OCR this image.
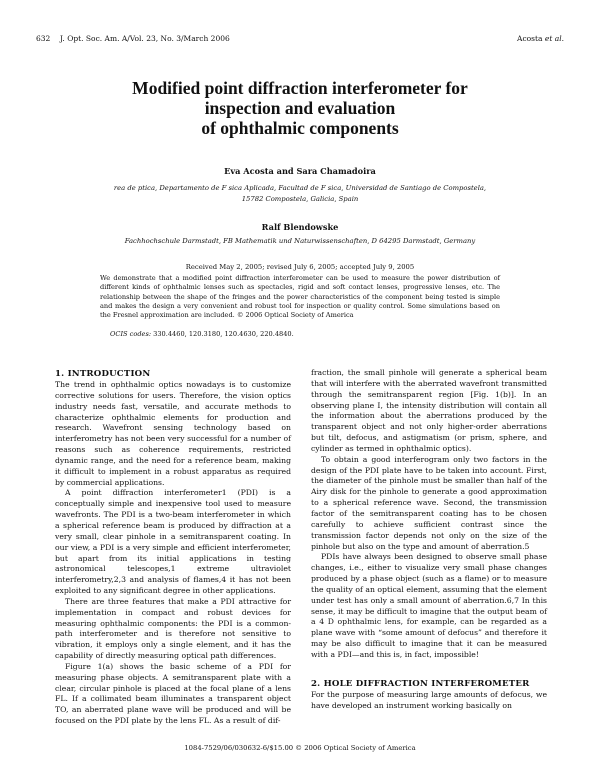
632 J. Opt. Soc. Am. A/Vol. 23, No. 3/March 2006	Acosta et al.
Modified point diffraction interferometer for
inspection and evaluation
of ophthalmic components
Eva Acosta and Sara Chamadoira
rea de ptica, Departamento de F sica Aplicada, Facultad de F sica, Universidad de Santiago de Compostela,
15782 Compostela, Galicia, Spain
Ralf Blendowske
Fachhochschule Darmstadt, FB Mathematik und Naturwissenschaften, D 64295 Darmstadt, Germany
Received May 2, 2005; revised July 6, 2005; accepted July 9, 2005
We demonstrate that a modified point diffraction interferometer can be used to measure the power distribution of different kinds of ophthalmic lenses such as spectacles, rigid and soft contact lenses, progressive lenses, etc. The relationship between the shape of the fringes and the power characteristics of the component being tested is simple and makes the design a very convenient and robust tool for inspection or quality control. Some simulations based on the Fresnel approximation are included. © 2006 Optical Society of America
OCIS codes: 330.4460, 120.3180, 120.4630, 220.4840.
1. INTRODUCTION

The trend in ophthalmic optics nowadays is to customize corrective solutions for users. Therefore, the vision optics industry needs fast, versatile, and accurate methods to characterize ophthalmic elements for production and research. Wavefront sensing technology based on interferometry has not been very successful for a number of reasons such as coherence requirements, restricted dynamic range, and the need for a reference beam, making it difficult to implement in a robust apparatus as required by commercial applications.

A point diffraction interferometer1 (PDI) is a conceptually simple and inexpensive tool used to measure wavefronts. The PDI is a two-beam interferometer in which a spherical reference beam is produced by diffraction at a very small, clear pinhole in a semitransparent coating. In our view, a PDI is a very simple and efficient interferometer, but apart from its initial applications in testing astronomical telescopes,1 extreme ultraviolet interferometry,2,3 and analysis of flames,4 it has not been exploited to any significant degree in other applications.

There are three features that make a PDI attractive for implementation in compact and robust devices for measuring ophthalmic components: the PDI is a common-path interferometer and is therefore not sensitive to vibration, it employs only a single element, and it has the capability of directly measuring optical path differences.

Figure 1(a) shows the basic scheme of a PDI for measuring phase objects. A semitransparent plate with a clear, circular pinhole is placed at the focal plane of a lens FL. If a collimated beam illuminates a transparent object TO, an aberrated plane wave will be produced and will be focused on the PDI plate by the lens FL. As a result of dif-

fraction, the small pinhole will generate a spherical beam that will interfere with the aberrated wavefront transmitted through the semitransparent region [Fig. 1(b)]. In an observing plane I, the intensity distribution will contain all the information about the aberrations produced by the transparent object and not only higher-order aberrations but tilt, defocus, and astigmatism (or prism, sphere, and cylinder as termed in ophthalmic optics).

To obtain a good interferogram only two factors in the design of the PDI plate have to be taken into account. First, the diameter of the pinhole must be smaller than half of the Airy disk for the pinhole to generate a good approximation to a spherical reference wave. Second, the transmission factor of the semitransparent coating has to be chosen carefully to achieve sufficient contrast since the transmission factor depends not only on the size of the pinhole but also on the type and amount of aberration.5

PDIs have always been designed to observe small phase changes, i.e., either to visualize very small phase changes produced by a phase object (such as a flame) or to measure the quality of an optical element, assuming that the element under test has only a small amount of aberration.6,7 In this sense, it may be difficult to imagine that the output beam of a 4 D ophthalmic lens, for example, can be regarded as a plane wave with “some amount of defocus” and therefore it may be also difficult to imagine that it can be measured with a PDI—and this is, in fact, impossible!

2. HOLE DIFFRACTION INTERFEROMETER

For the purpose of measuring large amounts of defocus, we have developed an instrument working basically on

1084-7529/06/030632-6/$15.00 © 2006 Optical Society of America
